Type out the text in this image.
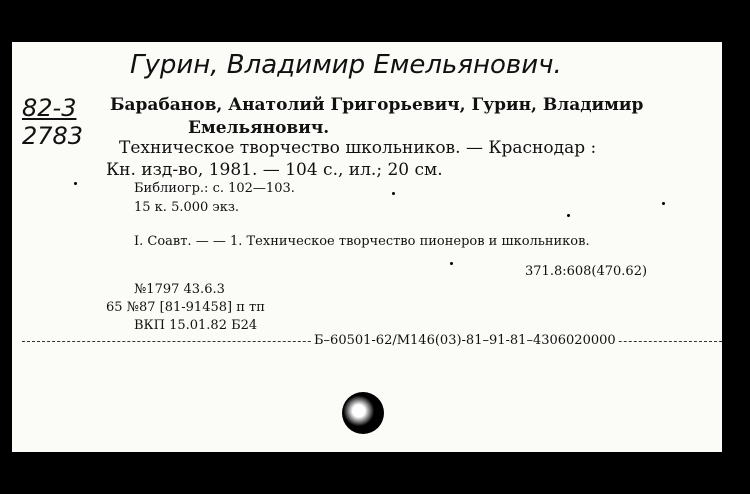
Гурин, Владимир Емельянович.
82-3
2783
Барабанов, Анатолий Григорьевич, Гурин, Владимир
Емельянович.
Техническое творчество школьников. — Краснодар :
Кн. изд-во, 1981. — 104 с., ил.; 20 см.
Библиогр.: с. 102—103.
15 к. 5.000 экз.
I. Соавт. — — 1. Техническое творчество пионеров и школьников.
371.8:608(470.62)
№1797 43.6.3
65 №87 [81-91458] п тп
ВКП 15.01.82 Б24
Б–60501-62/М146(03)-81–91-81–4306020000
